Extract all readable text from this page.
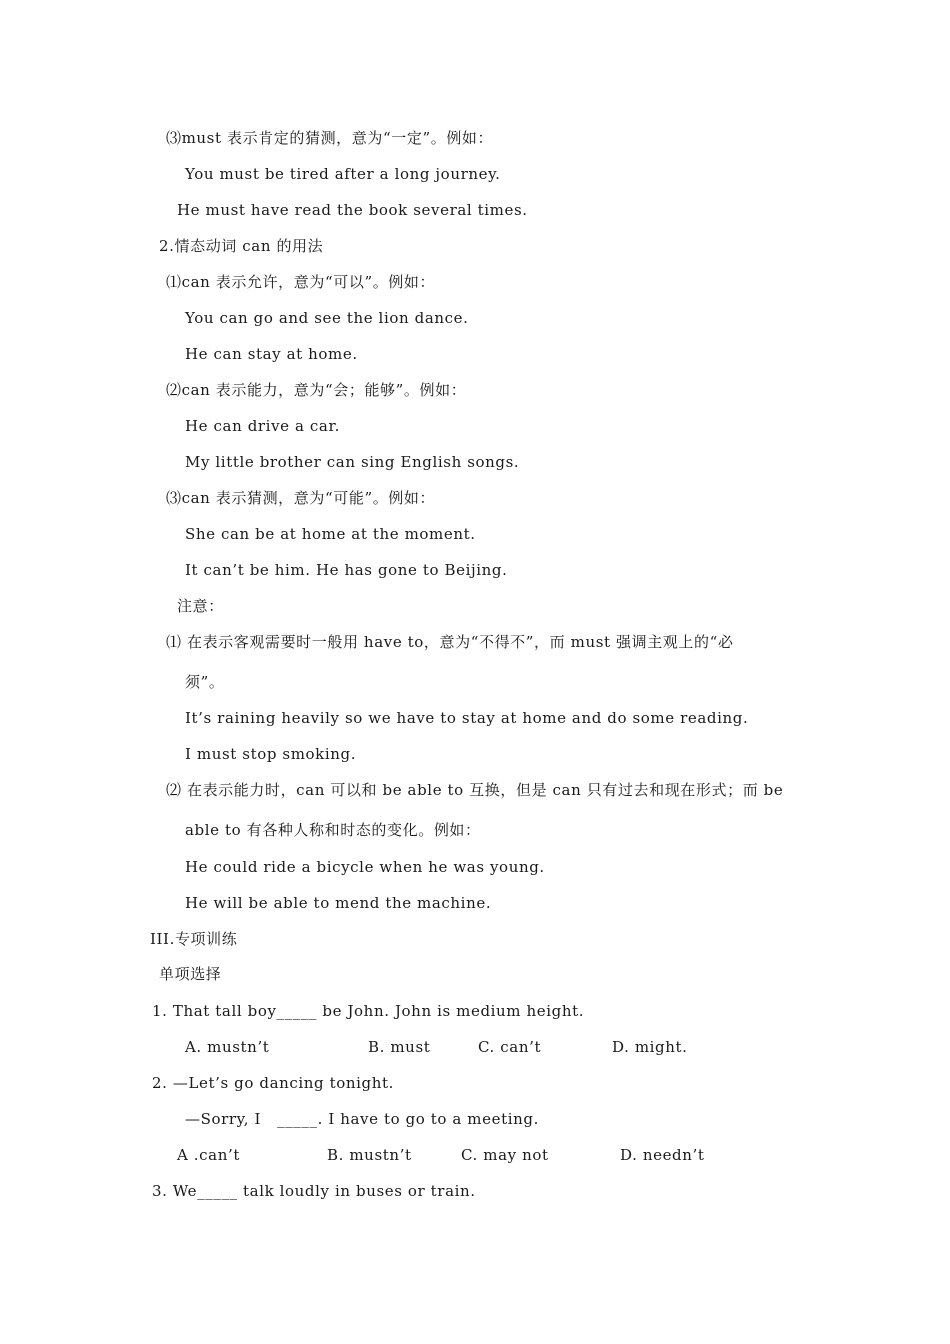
⑶must 表示肯定的猜测，意为“一定”。例如：
You must be tired after a long journey.
He must have read the book several times.
2.情态动词 can 的用法
⑴can 表示允许，意为“可以”。例如：
You can go and see the lion dance.
He can stay at home.
⑵can 表示能力，意为“会；能够”。例如：
He can drive a car.
My little brother can sing English songs.
⑶can 表示猜测，意为“可能”。例如：
She can be at home at the moment.
It can’t be him. He has gone to Beijing.
注意：
⑴ 在表示客观需要时一般用 have to，意为“不得不”，而 must 强调主观上的“必
须”。
It’s raining heavily so we have to stay at home and do some reading.
I must stop smoking.
⑵ 在表示能力时，can 可以和 be able to 互换，但是 can 只有过去和现在形式；而 be
able to 有各种人称和时态的变化。例如：
He could ride a bicycle when he was young.
He will be able to mend the machine.
III.专项训练
单项选择
1. That tall boy_____ be John. John is medium height.
A. mustn’t	B. must	C. can’t	D. might.
2. —Let’s go dancing tonight.
—Sorry, I   _____. I have to go to a meeting.
A .can’t	B. mustn’t	C. may not	D. needn’t
3. We_____ talk loudly in buses or train.
